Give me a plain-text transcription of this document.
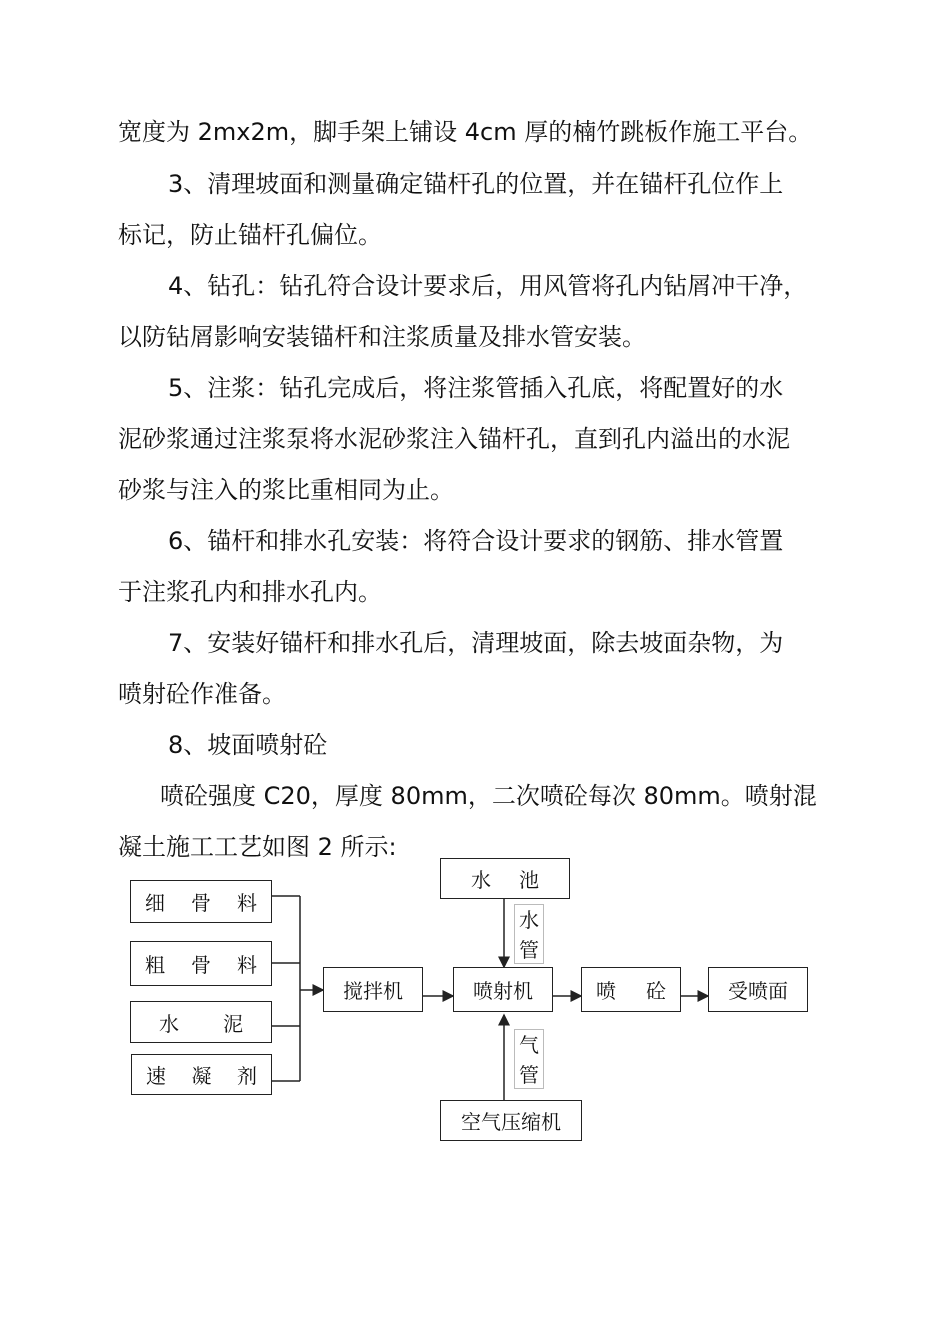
宽度为 2mx2m，脚手架上铺设 4cm 厚的楠竹跳板作施工平台。
3、清理坡面和测量确定锚杆孔的位置，并在锚杆孔位作上
标记，防止锚杆孔偏位。
4、钻孔：钻孔符合设计要求后，用风管将孔内钻屑冲干净，
以防钻屑影响安装锚杆和注浆质量及排水管安装。
5、注浆：钻孔完成后，将注浆管插入孔底，将配置好的水
泥砂浆通过注浆泵将水泥砂浆注入锚杆孔，直到孔内溢出的水泥
砂浆与注入的浆比重相同为止。
6、锚杆和排水孔安装：将符合设计要求的钢筋、排水管置
于注浆孔内和排水孔内。
7、安装好锚杆和排水孔后，清理坡面，除去坡面杂物，为
喷射砼作准备。
8、坡面喷射砼
喷砼强度 C20，厚度 80mm，二次喷砼每次 80mm。喷射混
凝土施工工艺如图 2 所示:
细 骨 料
粗 骨 料
水 泥
速 凝 剂
搅拌机	喷射机	喷 砼	受喷面
水 池
水
管
气
管
空气压缩机
